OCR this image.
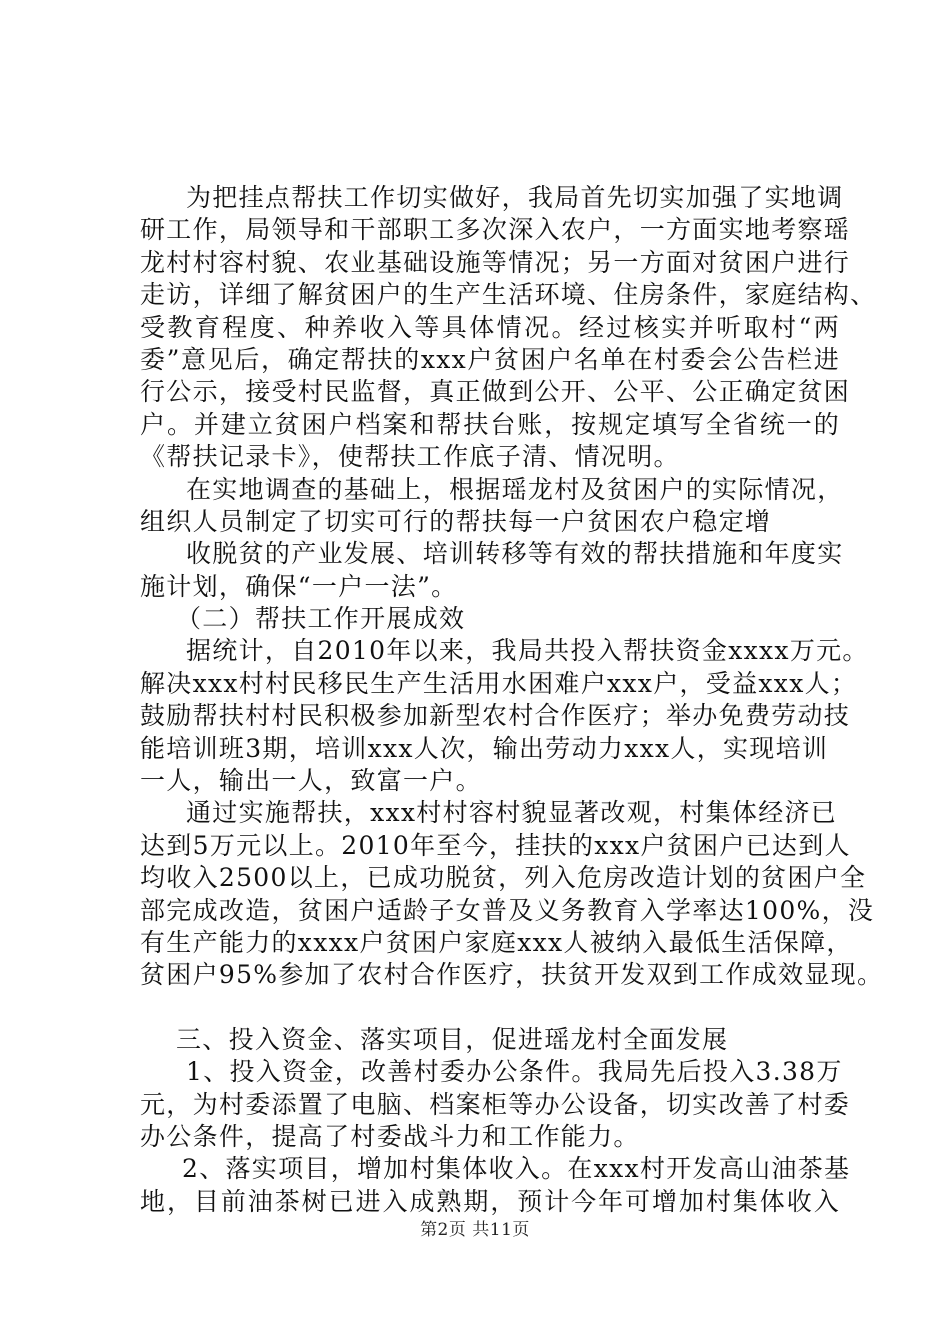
为把挂点帮扶工作切实做好，我局首先切实加强了实地调
研工作，局领导和干部职工多次深入农户，一方面实地考察瑶
龙村村容村貌、农业基础设施等情况；另一方面对贫困户进行
走访，详细了解贫困户的生产生活环境、住房条件，家庭结构、
受教育程度、种养收入等具体情况。经过核实并听取村“两
委”意见后，确定帮扶的xxx户贫困户名单在村委会公告栏进
行公示，接受村民监督，真正做到公开、公平、公正确定贫困
户。并建立贫困户档案和帮扶台账，按规定填写全省统一的
《帮扶记录卡》，使帮扶工作底子清、情况明。
在实地调查的基础上，根据瑶龙村及贫困户的实际情况，
组织人员制定了切实可行的帮扶每一户贫困农户稳定增
收脱贫的产业发展、培训转移等有效的帮扶措施和年度实
施计划，确保“一户一法”。
（二）帮扶工作开展成效
据统计，自2010年以来，我局共投入帮扶资金xxxx万元。
解决xxx村村民移民生产生活用水困难户xxx户，受益xxx人；
鼓励帮扶村村民积极参加新型农村合作医疗；举办免费劳动技
能培训班3期，培训xxx人次，输出劳动力xxx人，实现培训
一人，输出一人，致富一户。
通过实施帮扶，xxx村村容村貌显著改观，村集体经济已
达到5万元以上。2010年至今，挂扶的xxx户贫困户已达到人
均收入2500以上，已成功脱贫，列入危房改造计划的贫困户全
部完成改造，贫困户适龄子女普及义务教育入学率达100%，没
有生产能力的xxxx户贫困户家庭xxx人被纳入最低生活保障，
贫困户95%参加了农村合作医疗，扶贫开发双到工作成效显现。
三、投入资金、落实项目，促进瑶龙村全面发展
1、投入资金，改善村委办公条件。我局先后投入3.38万
元，为村委添置了电脑、档案柜等办公设备，切实改善了村委
办公条件，提高了村委战斗力和工作能力。
2、落实项目，增加村集体收入。在xxx村开发高山油茶基
地，目前油茶树已进入成熟期，预计今年可增加村集体收入
第2页 共11页
